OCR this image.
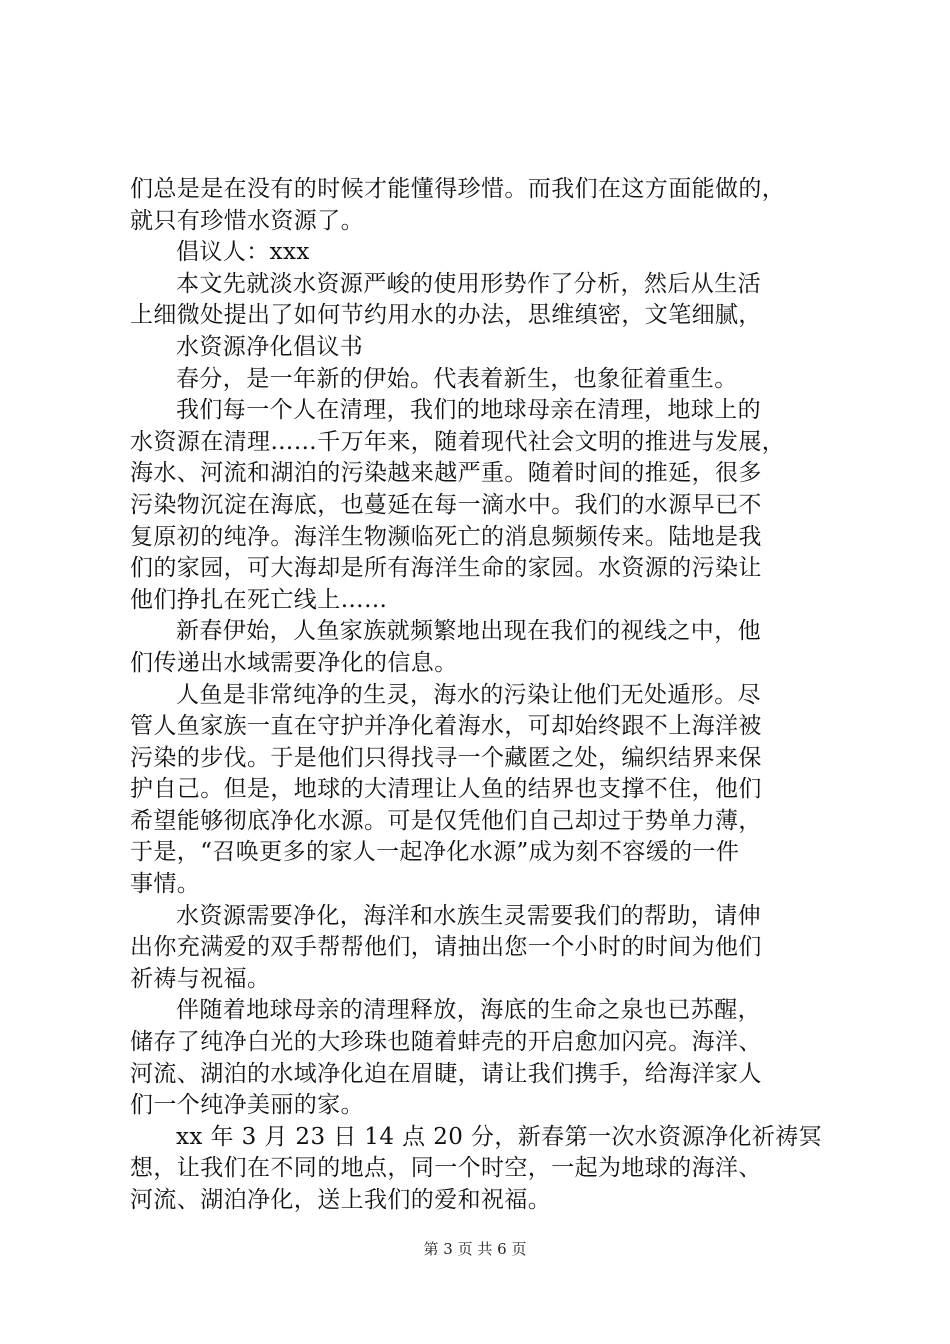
们总是是在没有的时候才能懂得珍惜。而我们在这方面能做的，
就只有珍惜水资源了。
倡议人：xxx
本文先就淡水资源严峻的使用形势作了分析，然后从生活
上细微处提出了如何节约用水的办法，思维缜密，文笔细腻，
水资源净化倡议书
春分，是一年新的伊始。代表着新生，也象征着重生。
我们每一个人在清理，我们的地球母亲在清理，地球上的
水资源在清理……千万年来，随着现代社会文明的推进与发展，
海水、河流和湖泊的污染越来越严重。随着时间的推延，很多
污染物沉淀在海底，也蔓延在每一滴水中。我们的水源早已不
复原初的纯净。海洋生物濒临死亡的消息频频传来。陆地是我
们的家园，可大海却是所有海洋生命的家园。水资源的污染让
他们挣扎在死亡线上……
新春伊始，人鱼家族就频繁地出现在我们的视线之中，他
们传递出水域需要净化的信息。
人鱼是非常纯净的生灵，海水的污染让他们无处遁形。尽
管人鱼家族一直在守护并净化着海水，可却始终跟不上海洋被
污染的步伐。于是他们只得找寻一个藏匿之处，编织结界来保
护自己。但是，地球的大清理让人鱼的结界也支撑不住，他们
希望能够彻底净化水源。可是仅凭他们自己却过于势单力薄，
于是，“召唤更多的家人一起净化水源”成为刻不容缓的一件
事情。
水资源需要净化，海洋和水族生灵需要我们的帮助，请伸
出你充满爱的双手帮帮他们，请抽出您一个小时的时间为他们
祈祷与祝福。
伴随着地球母亲的清理释放，海底的生命之泉也已苏醒，
储存了纯净白光的大珍珠也随着蚌壳的开启愈加闪亮。海洋、
河流、湖泊的水域净化迫在眉睫，请让我们携手，给海洋家人
们一个纯净美丽的家。
xx 年 3 月 23 日 14 点 20 分，新春第一次水资源净化祈祷冥
想，让我们在不同的地点，同一个时空，一起为地球的海洋、
河流、湖泊净化，送上我们的爱和祝福。
第 3 页 共 6 页
